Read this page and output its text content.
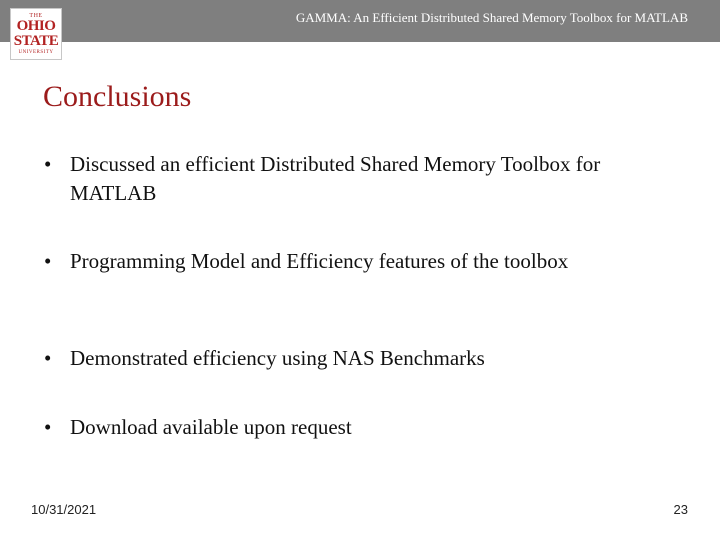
GAMMA: An Efficient Distributed Shared Memory Toolbox for MATLAB
THE
OHIO
STATE
UNIVERSITY
Conclusions
• Discussed an efficient Distributed Shared Memory Toolbox for MATLAB
• Programming Model and Efficiency features of the toolbox
• Demonstrated efficiency using NAS Benchmarks
• Download available upon request
10/31/2021	23
